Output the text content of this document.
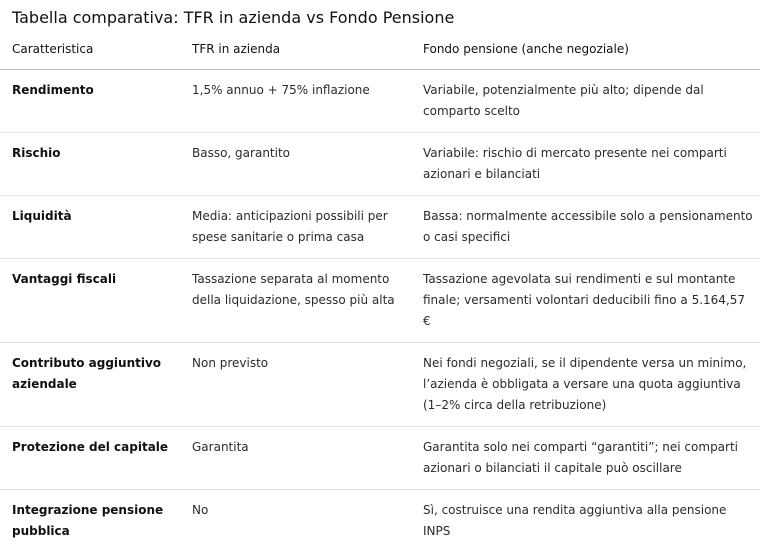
Tabella comparativa: TFR in azienda vs Fondo Pensione
Caratteristica	TFR in azienda	Fondo pensione (anche negoziale)
Rendimento	1,5% annuo + 75% inflazione	Variabile, potenzialmente più alto; dipende dal comparto scelto
Rischio	Basso, garantito	Variabile: rischio di mercato presente nei comparti azionari e bilanciati
Liquidità	Media: anticipazioni possibili per spese sanitarie o prima casa	Bassa: normalmente accessibile solo a pensionamento o casi specifici
Vantaggi fiscali	Tassazione separata al momento della liquidazione, spesso più alta	Tassazione agevolata sui rendimenti e sul montante finale; versamenti volontari deducibili fino a 5.164,57 €
Contributo aggiuntivo aziendale	Non previsto	Nei fondi negoziali, se il dipendente versa un minimo, l’azienda è obbligata a versare una quota aggiuntiva (1–2% circa della retribuzione)
Protezione del capitale	Garantita	Garantita solo nei comparti “garantiti”; nei comparti azionari o bilanciati il capitale può oscillare
Integrazione pensione pubblica	No	Sì, costruisce una rendita aggiuntiva alla pensione INPS
